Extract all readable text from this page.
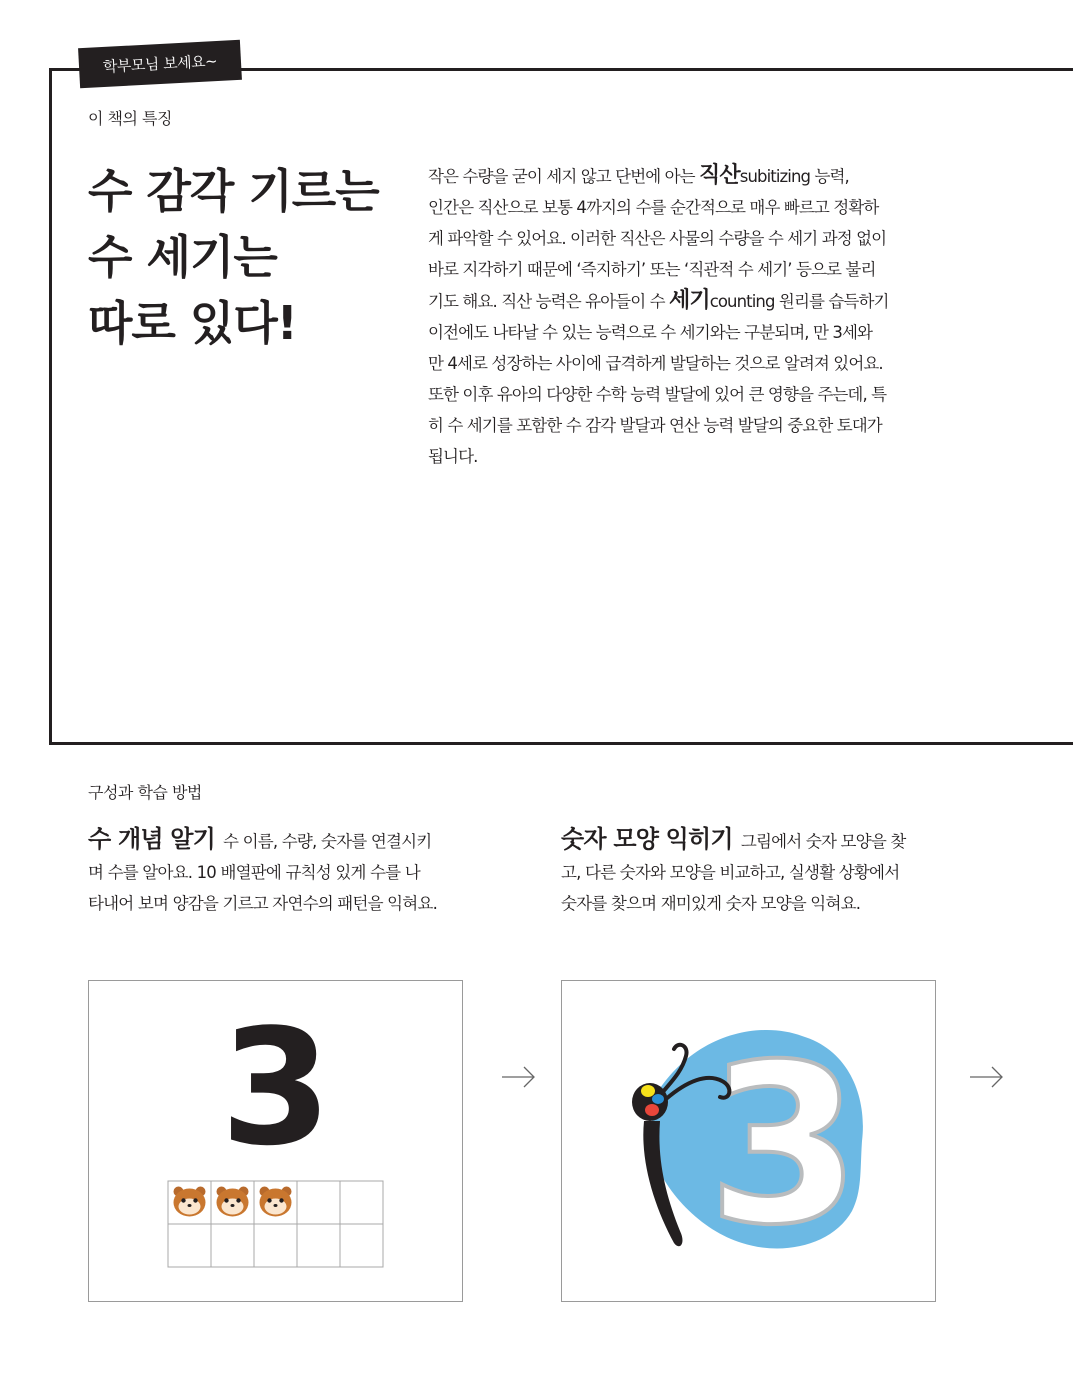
학부모님 보세요~
이 책의 특징
수 감각 기르는
수 세기는
따로 있다!
작은 수량을 굳이 세지 않고 단번에 아는 직산subitizing 능력,
인간은 직산으로 보통 4까지의 수를 순간적으로 매우 빠르고 정확하
게 파악할 수 있어요. 이러한 직산은 사물의 수량을 수 세기 과정 없이
바로 지각하기 때문에 ‘즉지하기’ 또는 ‘직관적 수 세기’ 등으로 불리
기도 해요. 직산 능력은 유아들이 수 세기counting 원리를 습득하기
이전에도 나타날 수 있는 능력으로 수 세기와는 구분되며, 만 3세와
만 4세로 성장하는 사이에 급격하게 발달하는 것으로 알려져 있어요.
또한 이후 유아의 다양한 수학 능력 발달에 있어 큰 영향을 주는데, 특
히 수 세기를 포함한 수 감각 발달과 연산 능력 발달의 중요한 토대가
됩니다.
구성과 학습 방법
수 개념 알기 수 이름, 수량, 숫자를 연결시키
며 수를 알아요. 10 배열판에 규칙성 있게 수를 나
타내어 보며 양감을 기르고 자연수의 패턴을 익혀요.
숫자 모양 익히기 그림에서 숫자 모양을 찾
고, 다른 숫자와 모양을 비교하고, 실생활 상황에서
숫자를 찾으며 재미있게 숫자 모양을 익혀요.
3 3
